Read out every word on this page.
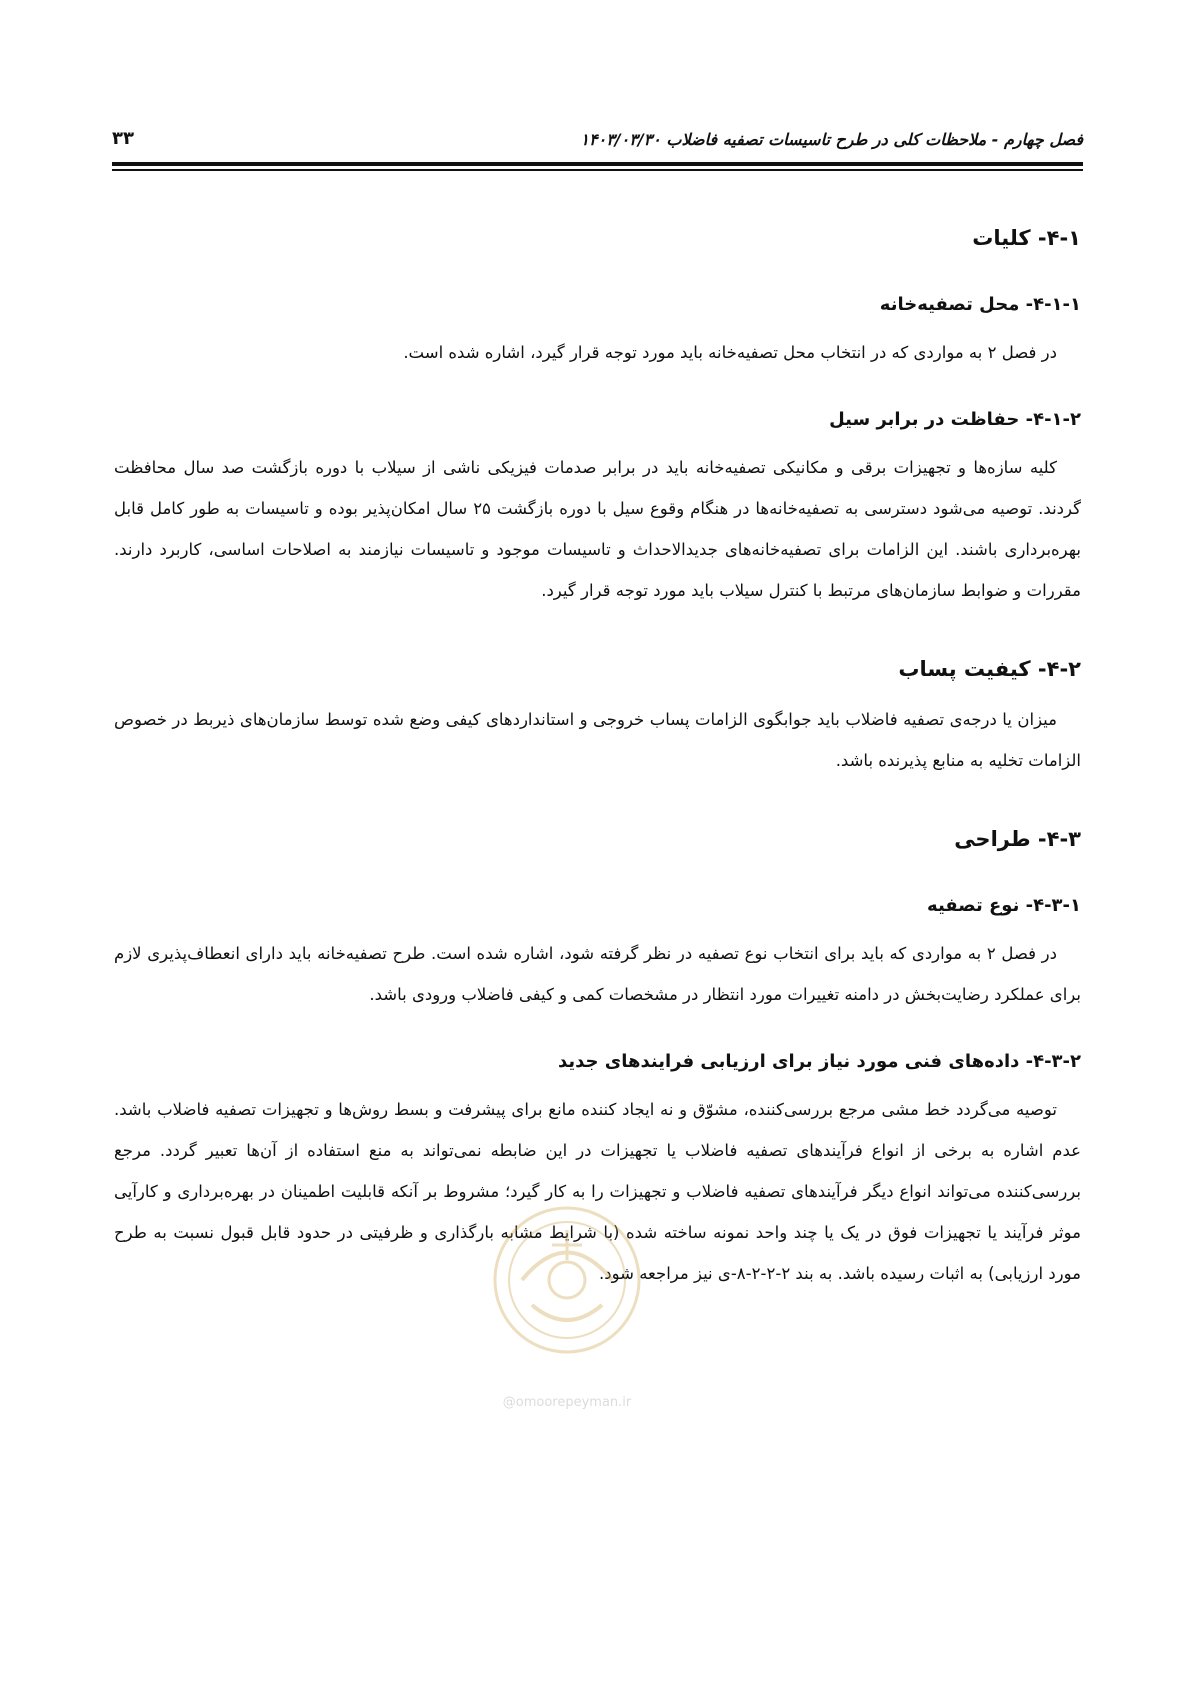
فصل چهارم - ملاحظات کلی در طرح تاسیسات تصفیه فاضلاب ۱۴۰۳/۰۳/۳۰
۳۳
۴-۱- کلیات
۴-۱-۱- محل تصفیه‌خانه

در فصل ۲ به مواردی که در انتخاب محل تصفیه‌خانه باید مورد توجه قرار گیرد، اشاره شده است.

۴-۱-۲- حفاظت در برابر سیل

کلیه سازه‌ها و تجهیزات برقی و مکانیکی تصفیه‌خانه باید در برابر صدمات فیزیکی ناشی از سیلاب با دوره بازگشت صد سال محافظت گردند. توصیه می‌شود دسترسی به تصفیه‌خانه‌ها در هنگام وقوع سیل با دوره بازگشت ۲۵ سال امکان‌پذیر بوده و تاسیسات به طور کامل قابل بهره‌برداری باشند. این الزامات برای تصفیه‌خانه‌های جدیدالاحداث و تاسیسات موجود و تاسیسات نیازمند به اصلاحات اساسی، کاربرد دارند. مقررات و ضوابط سازمان‌های مرتبط با کنترل سیلاب باید مورد توجه قرار گیرد.

۴-۲- کیفیت پساب

میزان یا درجه‌ی تصفیه فاضلاب باید جوابگوی الزامات پساب خروجی و استانداردهای کیفی وضع شده توسط سازمان‌های ذیربط در خصوص الزامات تخلیه به منابع پذیرنده باشد.

۴-۳- طراحی
۴-۳-۱- نوع تصفیه

در فصل ۲ به مواردی که باید برای انتخاب نوع تصفیه در نظر گرفته شود، اشاره شده است. طرح تصفیه‌خانه باید دارای انعطاف‌پذیری لازم برای عملکرد رضایت‌بخش در دامنه تغییرات مورد انتظار در مشخصات کمی و کیفی فاضلاب ورودی باشد.

۴-۳-۲- داده‌های فنی مورد نیاز برای ارزیابی فرایندهای جدید

توصیه می‌گردد خط مشی مرجع بررسی‌کننده، مشوّق و نه ایجاد کننده مانع برای پیشرفت و بسط روش‌ها و تجهیزات تصفیه فاضلاب باشد. عدم اشاره به برخی از انواع فرآیندهای تصفیه فاضلاب یا تجهیزات در این ضابطه نمی‌تواند به منع استفاده از آن‌ها تعبیر گردد. مرجع بررسی‌کننده می‌تواند انواع دیگر فرآیندهای تصفیه فاضلاب و تجهیزات را به کار گیرد؛ مشروط بر آنکه قابلیت اطمینان در بهره‌برداری و کارآیی موثر فرآیند یا تجهیزات فوق در یک یا چند واحد نمونه ساخته شده (با شرایط مشابه بارگذاری و ظرفیتی در حدود قابل قبول نسبت به طرح مورد ارزیابی) به اثبات رسیده باشد. به بند ۲-۲-۲-۸-ی نیز مراجعه شود.

@omoorepeyman.ir
